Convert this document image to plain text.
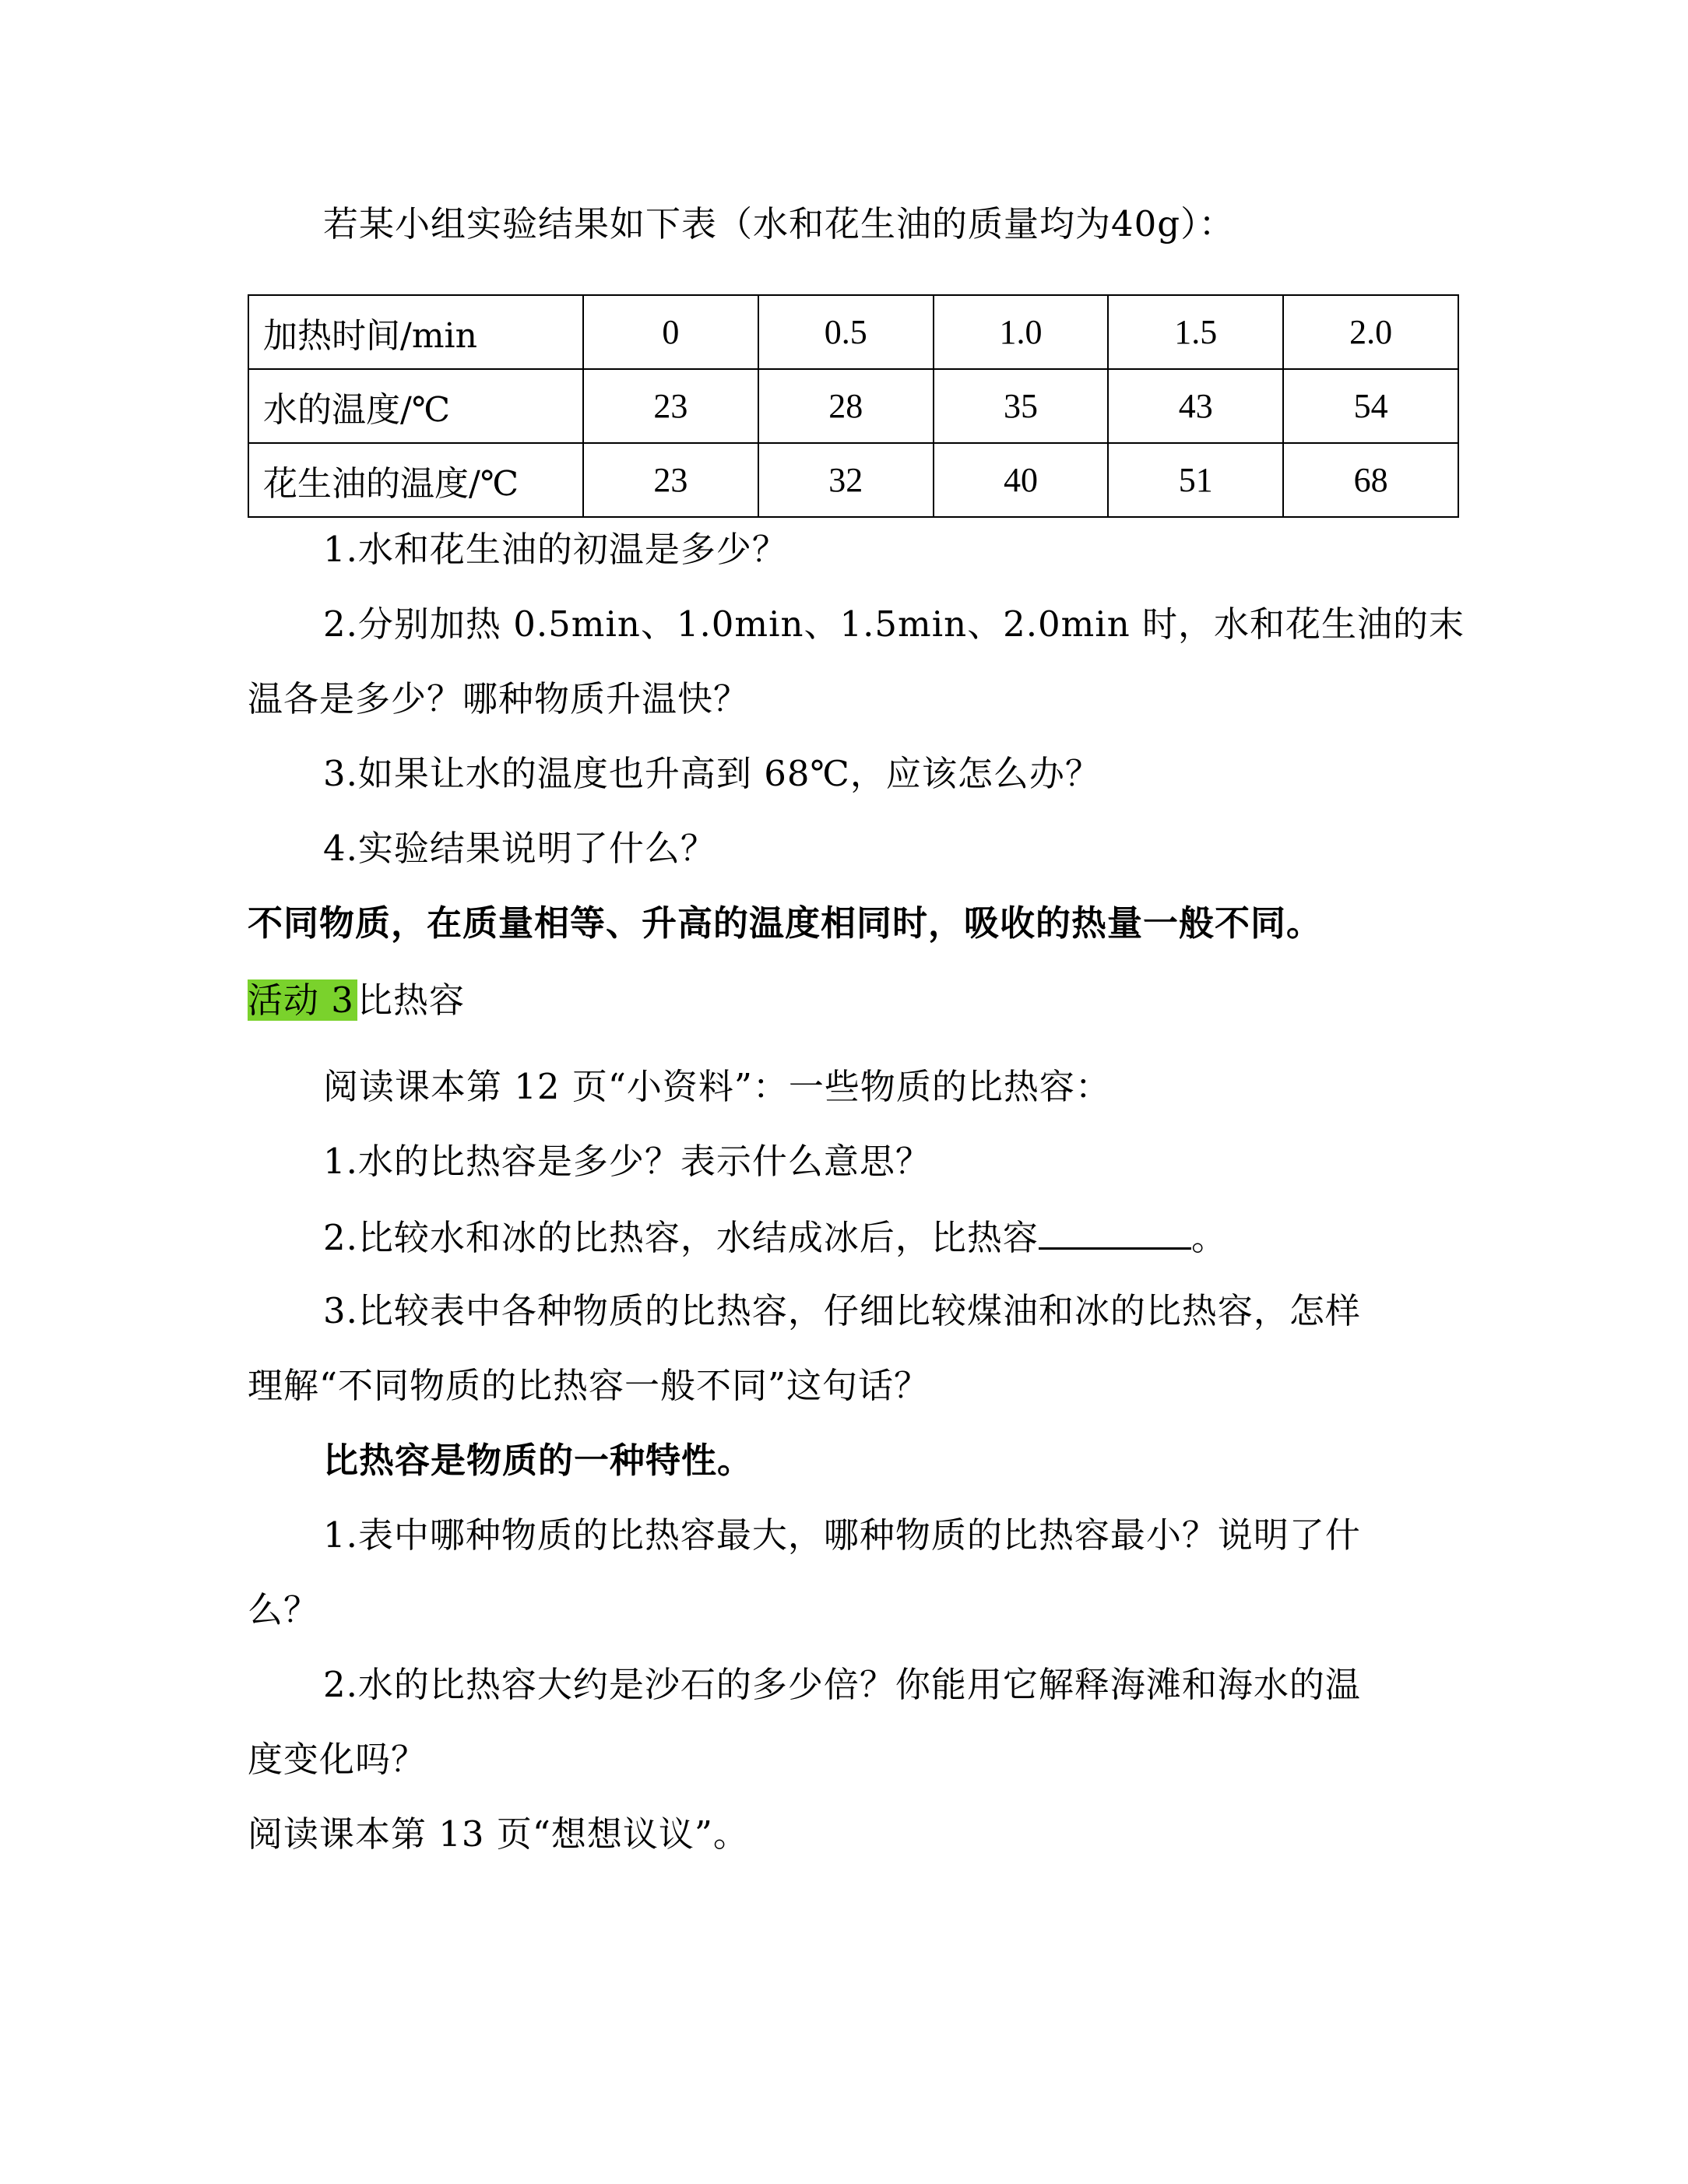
若某小组实验结果如下表（水和花生油的质量均为40g）：
加热时间/min	0	0.5	1.0	1.5	2.0
水的温度/℃	23	28	35	43	54
花生油的温度/℃	23	32	40	51	68
1.水和花生油的初温是多少？
2.分别加热 0.5min、1.0min、1.5min、2.0min 时，水和花生油的末
温各是多少？哪种物质升温快？
3.如果让水的温度也升高到 68℃，应该怎么办？
4.实验结果说明了什么？
不同物质，在质量相等、升高的温度相同时，吸收的热量一般不同。
活动 3比热容
阅读课本第 12 页“小资料”：一些物质的比热容：
1.水的比热容是多少？表示什么意思？
2.比较水和冰的比热容，水结成冰后，比热容	。
3.比较表中各种物质的比热容，仔细比较煤油和冰的比热容，怎样
理解“不同物质的比热容一般不同”这句话？
比热容是物质的一种特性。
1.表中哪种物质的比热容最大，哪种物质的比热容最小？说明了什
么？
2.水的比热容大约是沙石的多少倍？你能用它解释海滩和海水的温
度变化吗？
阅读课本第 13 页“想想议议”。
